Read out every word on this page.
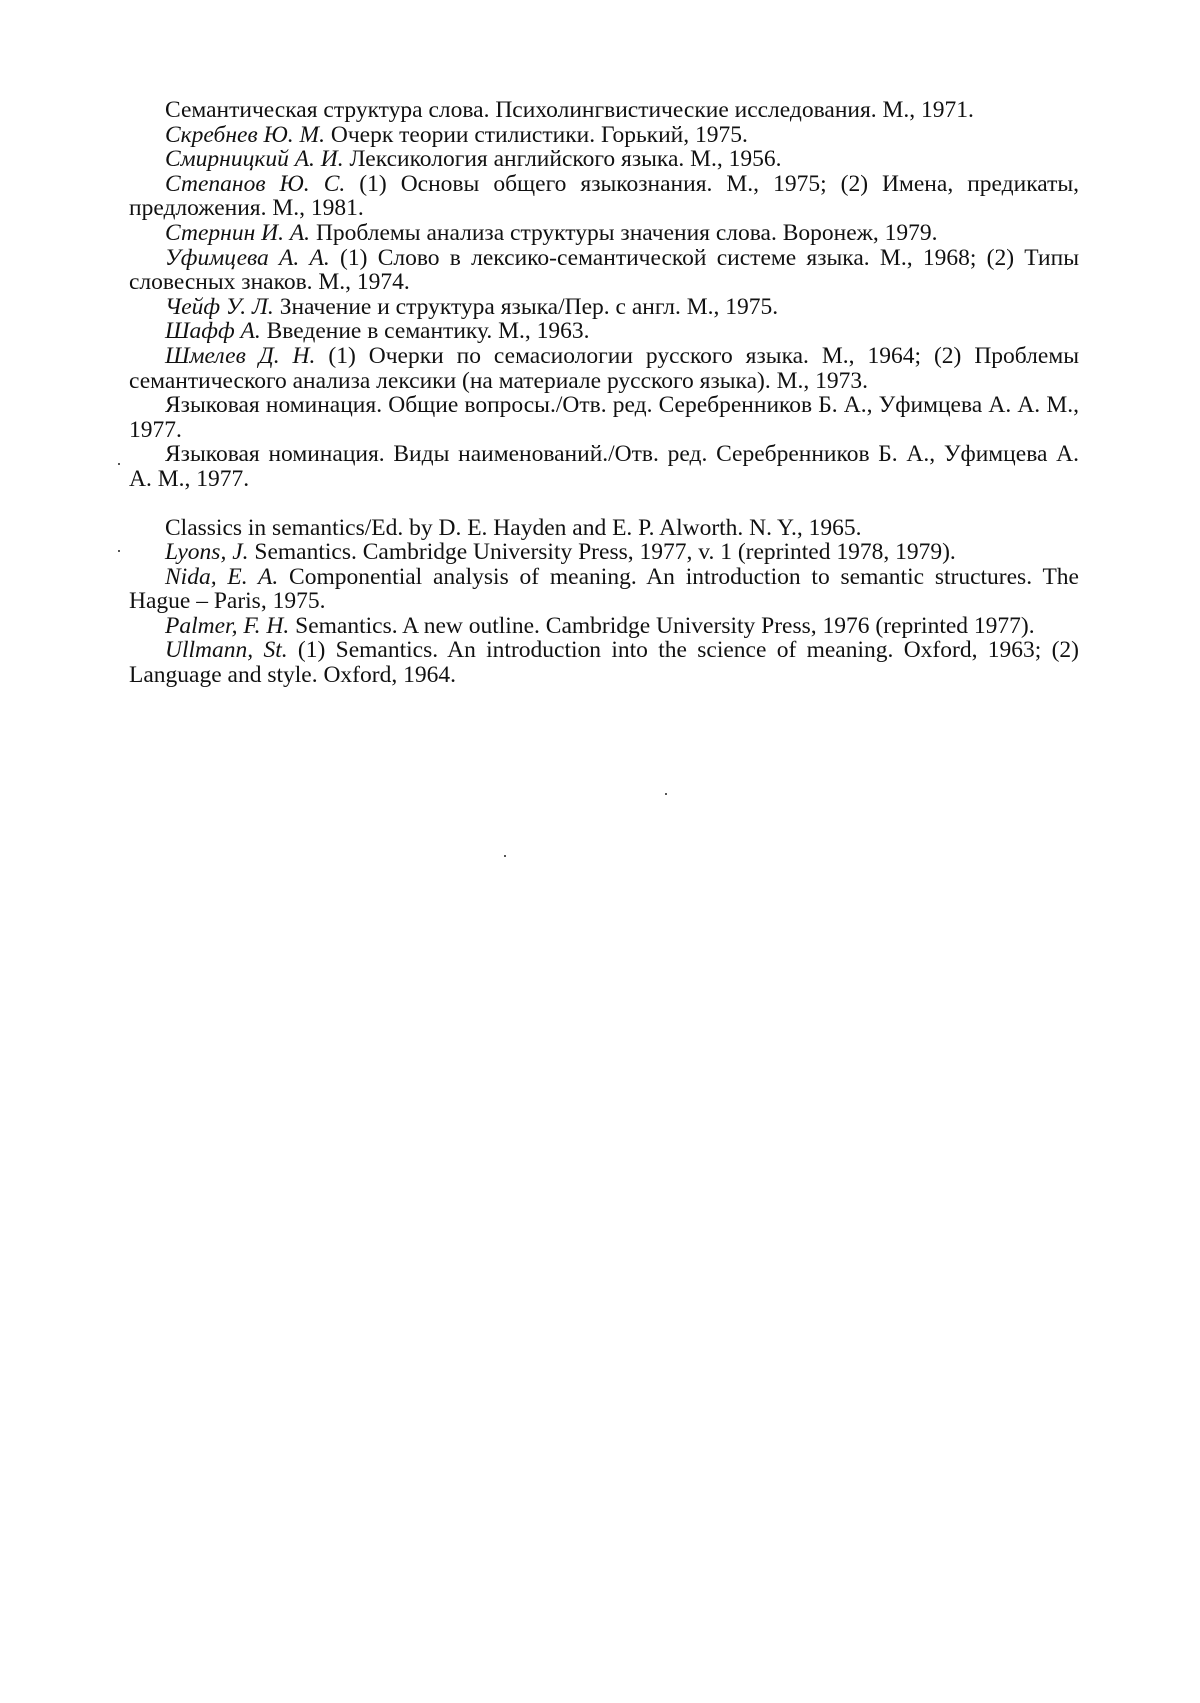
Семантическая структура слова. Психолингвистические исследования. М., 1971.

Скребнев Ю. М. Очерк теории стилистики. Горький, 1975.

Смирницкий А. И. Лексикология английского языка. М., 1956.

Степанов Ю. С. (1) Основы общего языкознания. М., 1975; (2) Имена, предикаты, предложения. М., 1981.

Стернин И. А. Проблемы анализа структуры значения слова. Воронеж, 1979.

Уфимцева А. А. (1) Слово в лексико-семантической системе языка. М., 1968; (2) Типы словесных знаков. М., 1974.

Чейф У. Л. Значение и структура языка/Пер. с англ. М., 1975.

Шафф А. Введение в семантику. М., 1963.

Шмелев Д. Н. (1) Очерки по семасиологии русского языка. М., 1964; (2) Проблемы семантического анализа лексики (на материале русского языка). М., 1973.

Языковая номинация. Общие вопросы./Отв. ред. Серебренников Б. А., Уфимцева А. А. М., 1977.

Языковая номинация. Виды наименований./Отв. ред. Серебренников Б. А., Уфимцева А. А. М., 1977.

Classics in semantics/Ed. by D. E. Hayden and E. P. Alworth. N. Y., 1965.

Lyons, J. Semantics. Cambridge University Press, 1977, v. 1 (reprinted 1978, 1979).

Nida, E. A. Componential analysis of meaning. An introduction to semantic structures. The Hague – Paris, 1975.

Palmer, F. H. Semantics. A new outline. Cambridge University Press, 1976 (reprinted 1977).

Ullmann, St. (1) Semantics. An introduction into the science of meaning. Oxford, 1963; (2) Language and style. Oxford, 1964.
